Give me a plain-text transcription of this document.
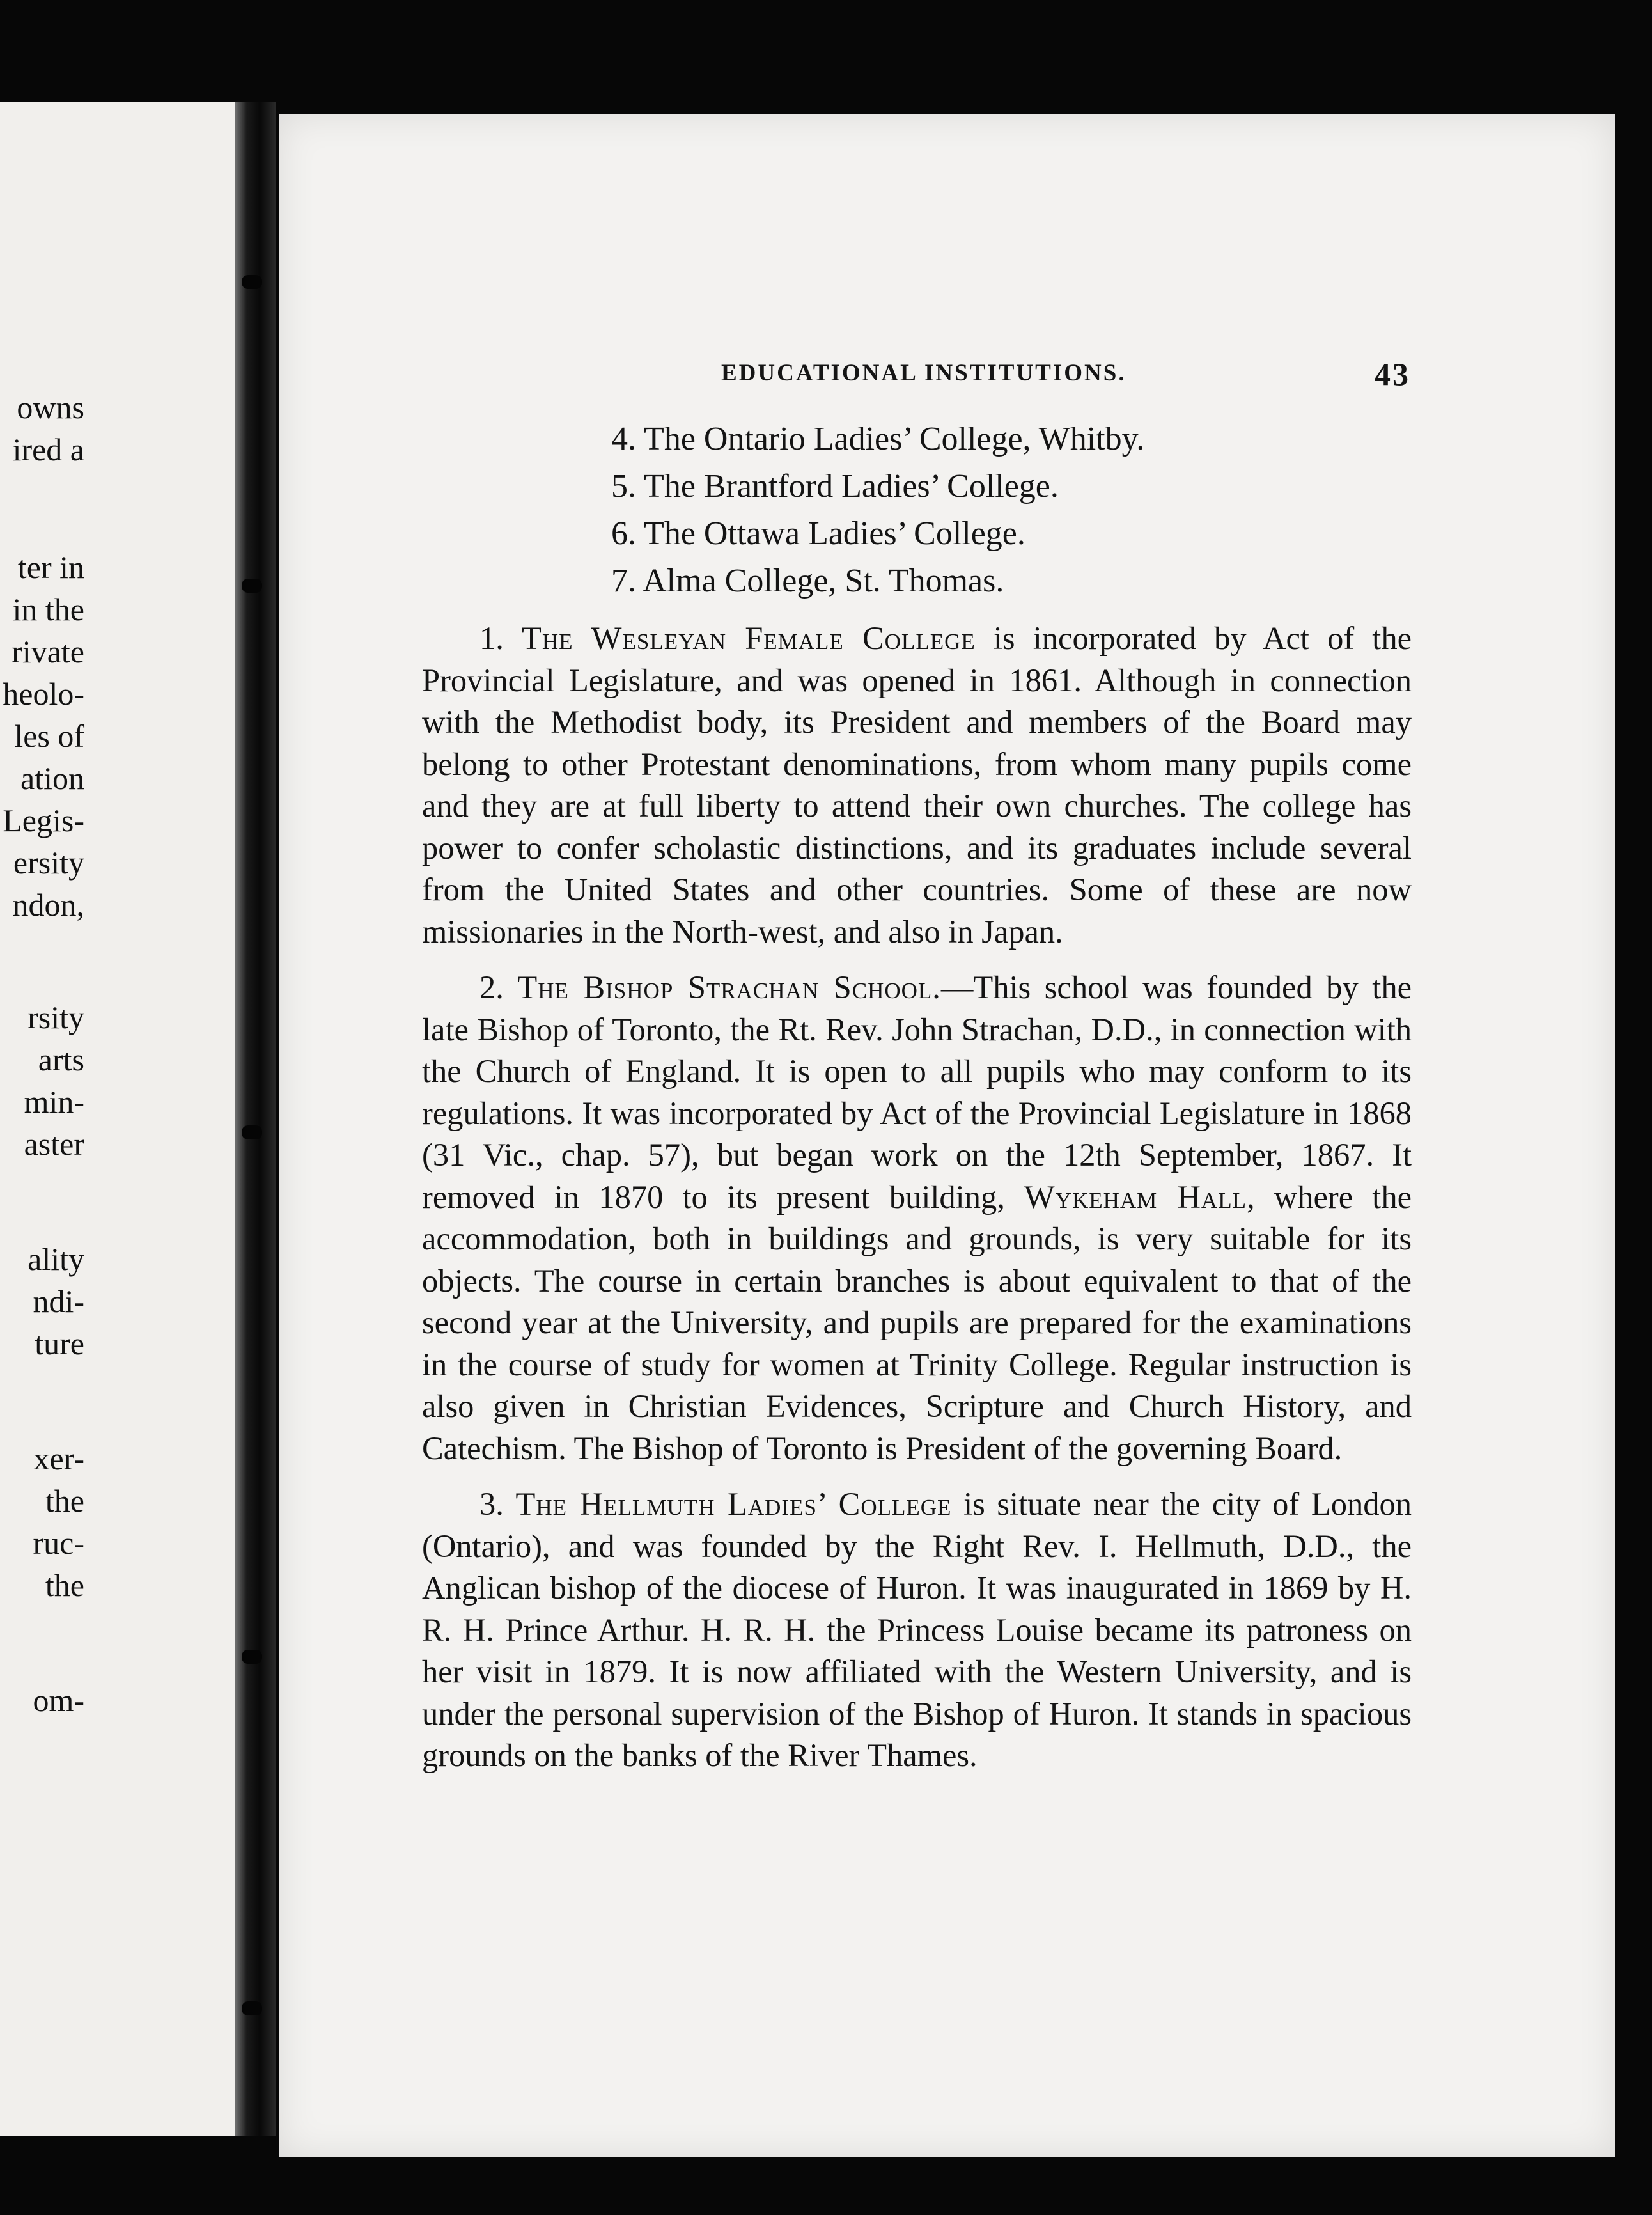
owns
ired a
ter in
in the
rivate
heolo-
les of
ation
Legis-
ersity
ndon,
rsity
arts
min-
aster
ality
ndi-
ture
xer-
the
ruc-
the
om-
EDUCATIONAL INSTITUTIONS.	43
4. The Ontario Ladies’ College, Whitby.
5. The Brantford Ladies’ College.
6. The Ottawa Ladies’ College.
7. Alma College, St. Thomas.

1. The Wesleyan Female College is incorporated by Act of the Provincial Legislature, and was opened in 1861. Although in connection with the Methodist body, its President and members of the Board may belong to other Protestant denominations, from whom many pupils come and they are at full liberty to attend their own churches. The college has power to confer scholastic distinctions, and its graduates include several from the United States and other countries. Some of these are now missionaries in the North-west, and also in Japan.

2. The Bishop Strachan School.—This school was founded by the late Bishop of Toronto, the Rt. Rev. John Strachan, D.D., in connection with the Church of England. It is open to all pupils who may conform to its regulations. It was incorporated by Act of the Provincial Legislature in 1868 (31 Vic., chap. 57), but began work on the 12th September, 1867. It removed in 1870 to its present building, Wykeham Hall, where the accommodation, both in buildings and grounds, is very suitable for its objects. The course in certain branches is about equivalent to that of the second year at the University, and pupils are prepared for the examinations in the course of study for women at Trinity College. Regular instruction is also given in Christian Evidences, Scripture and Church History, and Catechism. The Bishop of Toronto is President of the governing Board.

3. The Hellmuth Ladies’ College is situate near the city of London (Ontario), and was founded by the Right Rev. I. Hellmuth, D.D., the Anglican bishop of the diocese of Huron. It was inaugurated in 1869 by H. R. H. Prince Arthur. H. R. H. the Princess Louise became its patroness on her visit in 1879. It is now affiliated with the Western University, and is under the personal supervision of the Bishop of Huron. It stands in spacious grounds on the banks of the River Thames.
